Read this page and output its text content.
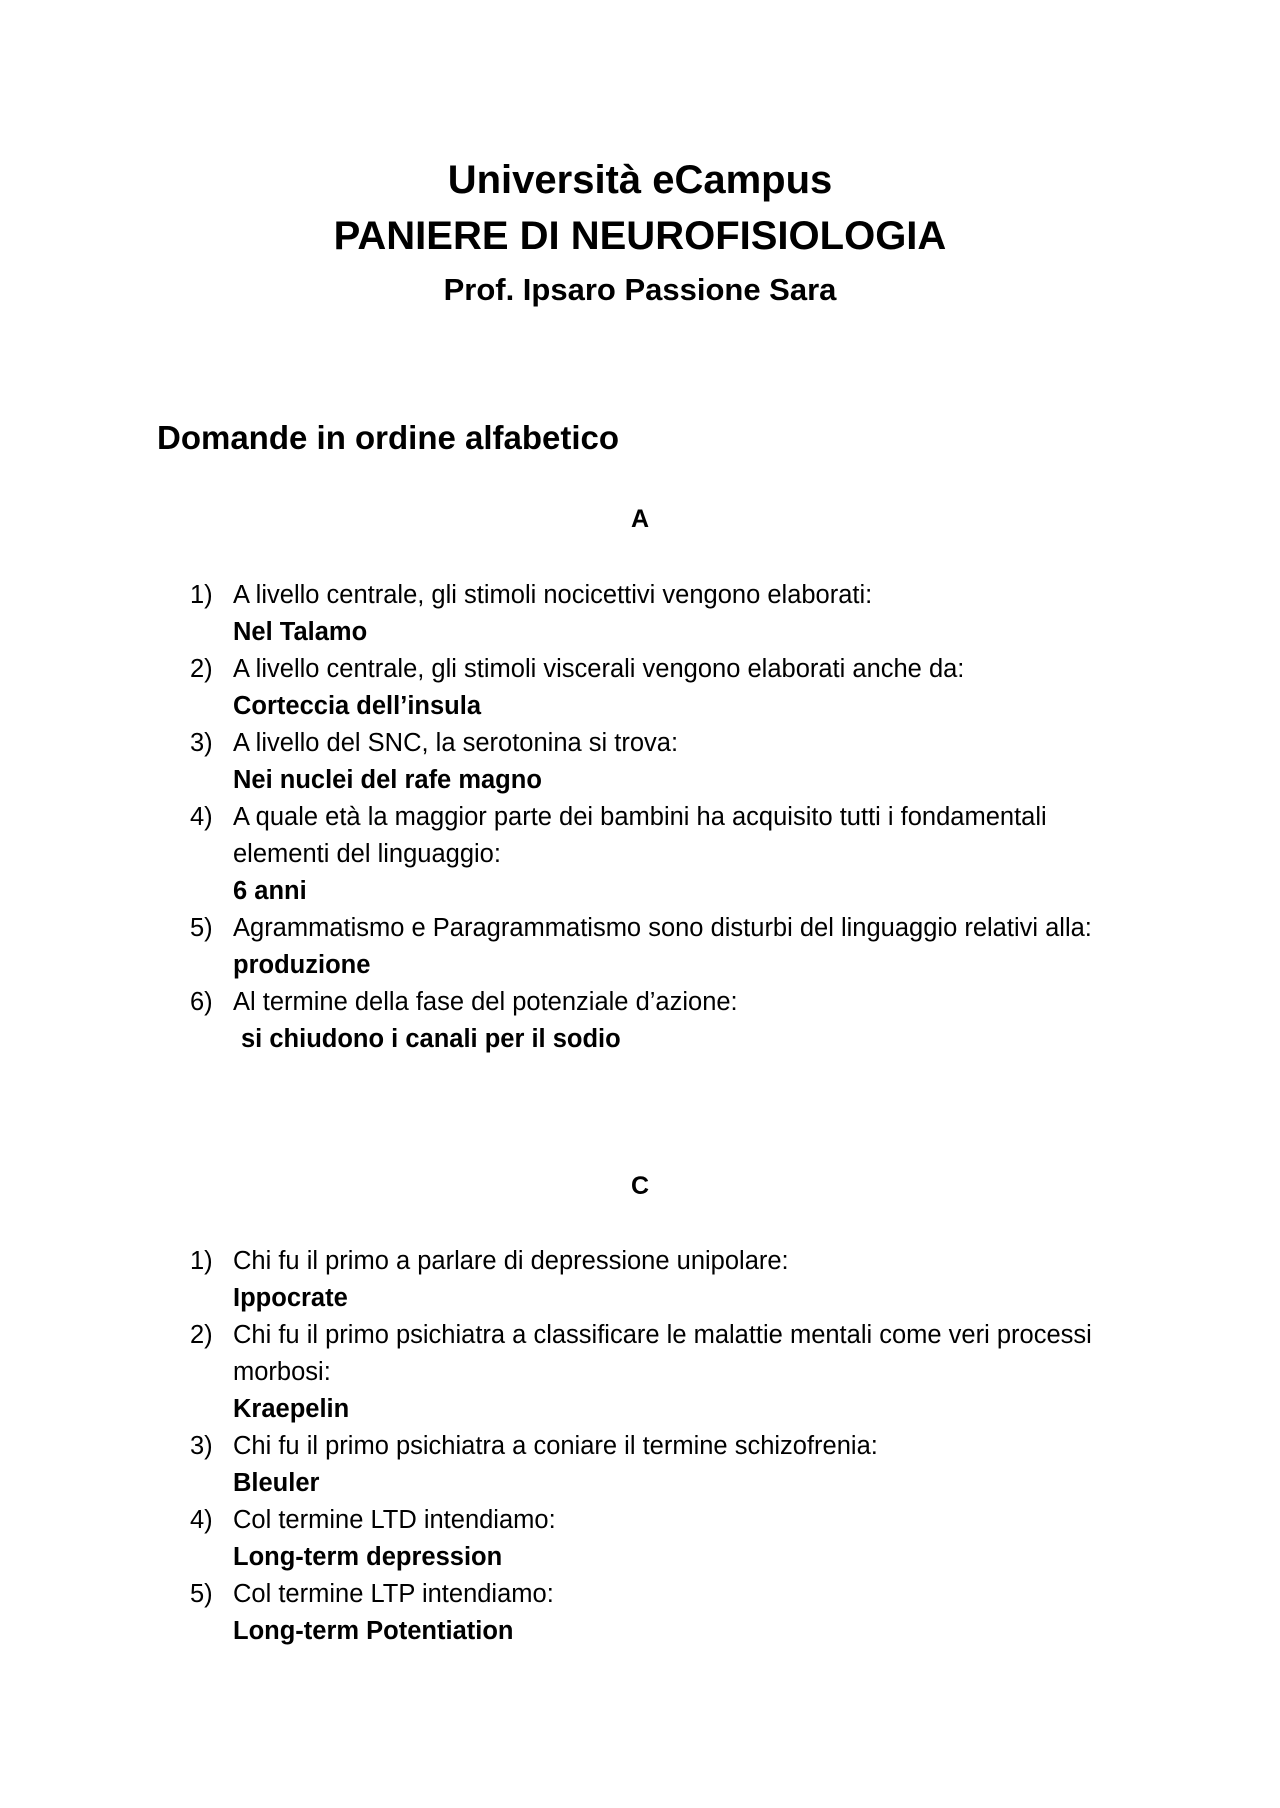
Università eCampus

PANIERE DI NEUROFISIOLOGIA

Prof. Ipsaro Passione Sara

Domande in ordine alfabetico
A
1) A livello centrale, gli stimoli nocicettivi vengono elaborati:
Nel Talamo
2) A livello centrale, gli stimoli viscerali vengono elaborati anche da:
Corteccia dell’insula
3) A livello del SNC, la serotonina si trova:
Nei nuclei del rafe magno
4) A quale età la maggior parte dei bambini ha acquisito tutti i fondamentali elementi del linguaggio:
6 anni
5) Agrammatismo e Paragrammatismo sono disturbi del linguaggio relativi alla:
produzione
6) Al termine della fase del potenziale d’azione:
si chiudono i canali per il sodio
C
1) Chi fu il primo a parlare di depressione unipolare:
Ippocrate
2) Chi fu il primo psichiatra a classificare le malattie mentali come veri processi morbosi:
Kraepelin
3) Chi fu il primo psichiatra a coniare il termine schizofrenia:
Bleuler
4) Col termine LTD intendiamo:
Long-term depression
5) Col termine LTP intendiamo:
Long-term Potentiation
